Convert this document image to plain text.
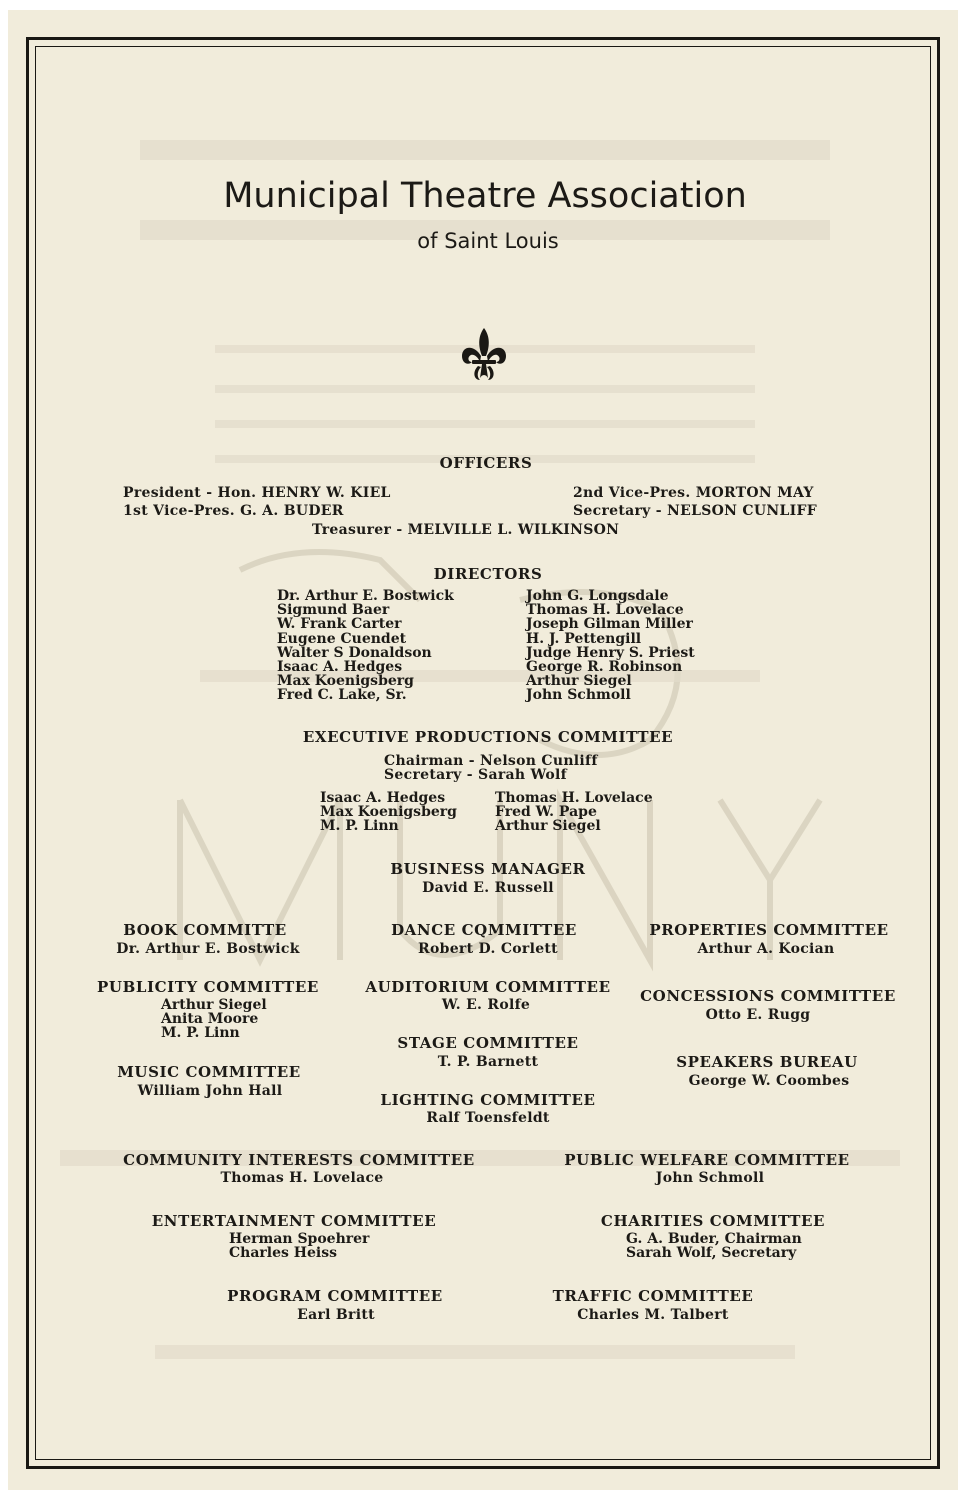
Municipal Theatre Association
of Saint Louis
OFFICERS
President - Hon. HENRY W. KIEL
1st Vice-Pres. G. A. BUDER
2nd Vice-Pres. MORTON MAY
Secretary - NELSON CUNLIFF
Treasurer - MELVILLE L. WILKINSON
DIRECTORS
Dr. Arthur E. Bostwick
Sigmund Baer
W. Frank Carter
Eugene Cuendet
Walter S Donaldson
Isaac A. Hedges
Max Koenigsberg
Fred C. Lake, Sr.
John G. Longsdale
Thomas H. Lovelace
Joseph Gilman Miller
H. J. Pettengill
Judge Henry S. Priest
George R. Robinson
Arthur Siegel
John Schmoll
EXECUTIVE PRODUCTIONS COMMITTEE
Chairman - Nelson Cunliff
Secretary - Sarah Wolf
Isaac A. Hedges
Max Koenigsberg
M. P. Linn
Thomas H. Lovelace
Fred W. Pape
Arthur Siegel
BUSINESS MANAGER
David E. Russell
BOOK COMMITTE
Dr. Arthur E. Bostwick
DANCE CQMMITTEE
Robert D. Corlett
PROPERTIES COMMITTEE
Arthur A. Kocian
PUBLICITY COMMITTEE
Arthur Siegel
Anita Moore
M. P. Linn
AUDITORIUM COMMITTEE
W. E. Rolfe	CONCESSIONS COMMITTEE
Otto E. Rugg
STAGE COMMITTEE
T. P. Barnett
MUSIC COMMITTEE
William John Hall
SPEAKERS BUREAU
George W. Coombes
LIGHTING COMMITTEE
Ralf Toensfeldt
COMMUNITY INTERESTS COMMITTEE
Thomas H. Lovelace
PUBLIC WELFARE COMMITTEE
John Schmoll
ENTERTAINMENT COMMITTEE
Herman Spoehrer
Charles Heiss
CHARITIES COMMITTEE
G. A. Buder, Chairman
Sarah Wolf, Secretary
PROGRAM COMMITTEE
Earl Britt
TRAFFIC COMMITTEE
Charles M. Talbert
